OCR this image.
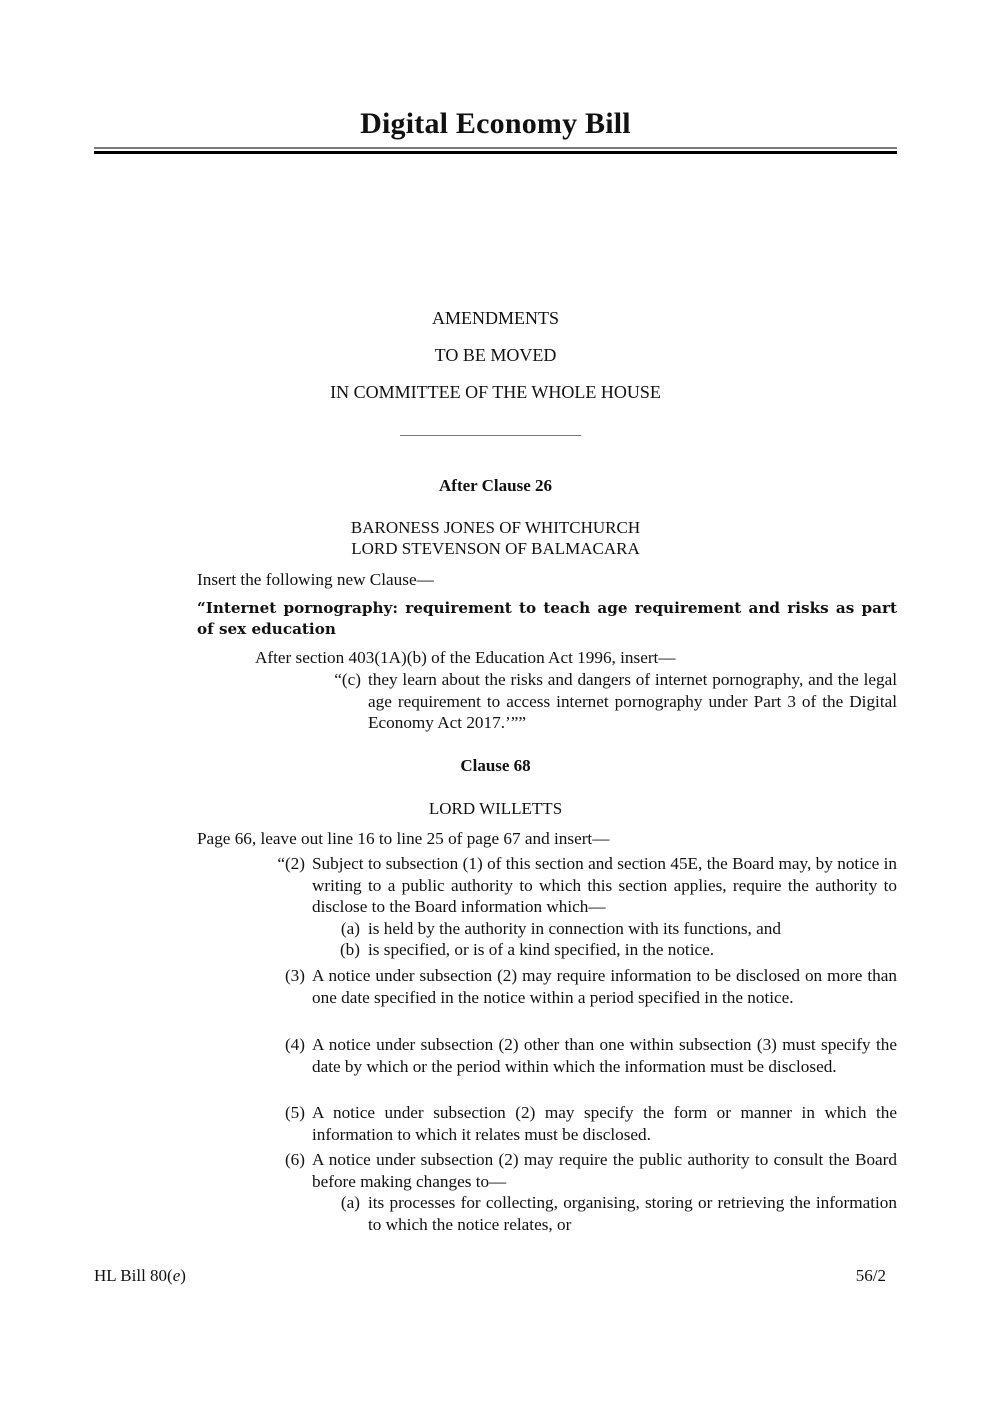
Digital Economy Bill
AMENDMENTS
TO BE MOVED
IN COMMITTEE OF THE WHOLE HOUSE
After Clause 26
BARONESS JONES OF WHITCHURCH
LORD STEVENSON OF BALMACARA
Insert the following new Clause—
“Internet pornography: requirement to teach age requirement and risks as part of sex education
After section 403(1A)(b) of the Education Act 1996, insert—
“(c) they learn about the risks and dangers of internet pornography, and the legal age requirement to access internet pornography under Part 3 of the Digital Economy Act 2017.’””
Clause 68
LORD WILLETTS
Page 66, leave out line 16 to line 25 of page 67 and insert—
“(2) Subject to subsection (1) of this section and section 45E, the Board may, by notice in writing to a public authority to which this section applies, require the authority to disclose to the Board information which—
(a) is held by the authority in connection with its functions, and
(b) is specified, or is of a kind specified, in the notice.
(3) A notice under subsection (2) may require information to be disclosed on more than one date specified in the notice within a period specified in the notice.
(4) A notice under subsection (2) other than one within subsection (3) must specify the date by which or the period within which the information must be disclosed.
(5) A notice under subsection (2) may specify the form or manner in which the information to which it relates must be disclosed.
(6) A notice under subsection (2) may require the public authority to consult the Board before making changes to—
(a) its processes for collecting, organising, storing or retrieving the information to which the notice relates, or
HL Bill 80(e)	56/2
